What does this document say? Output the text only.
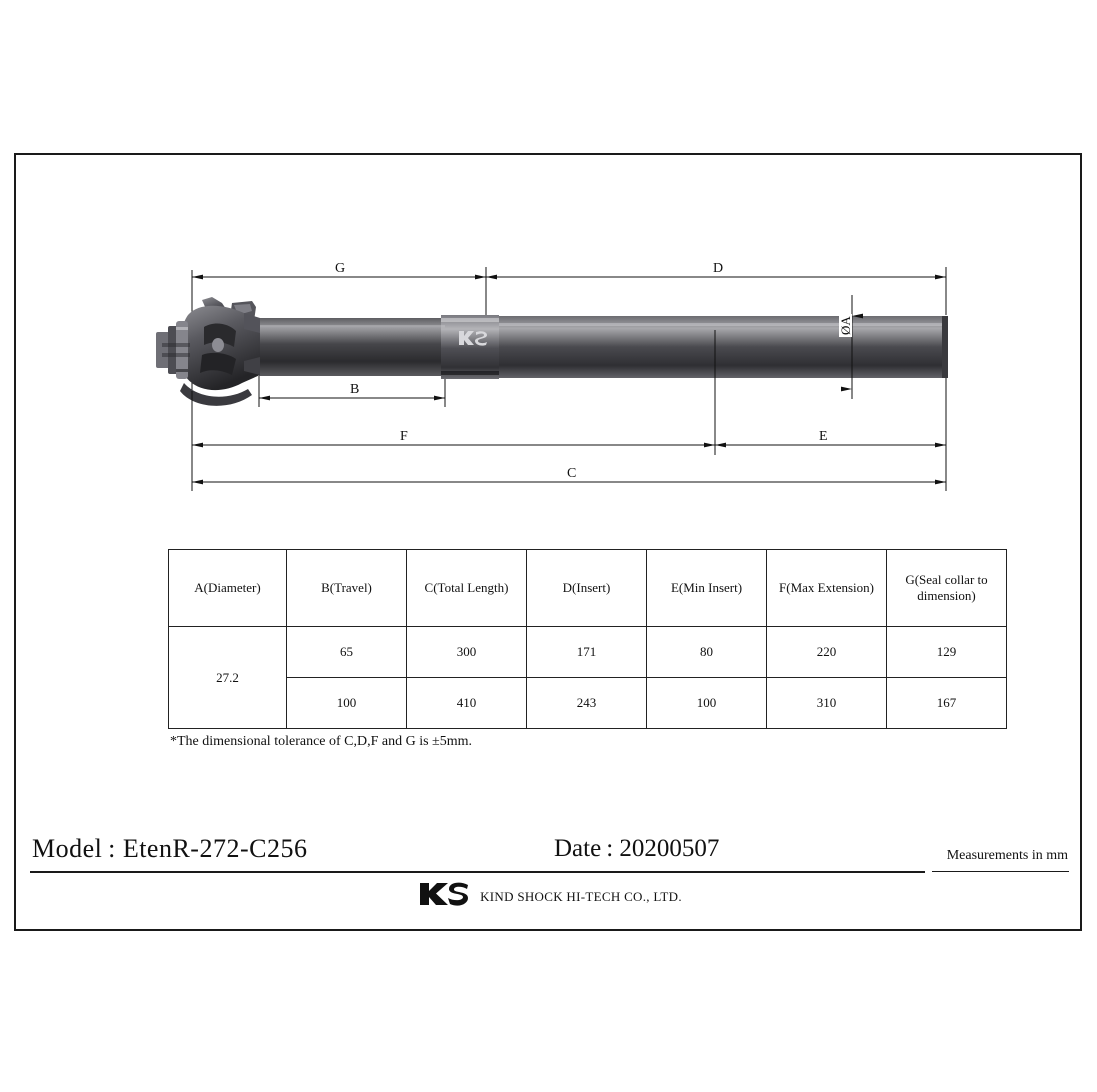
G	D
B
F	E
C
ØA
A(Diameter)	B(Travel)	C(Total Length)	D(Insert)	E(Min Insert)	F(Max Extension)	G(Seal collar to
dimension)
27.2	65	300	171	80	220	129
	100	410	243	100	310	167
*The dimensional tolerance of C,D,F and G is ±5mm.
Model : EtenR-272-C256	Date : 20200507	Measurements in mm
KIND SHOCK HI-TECH CO., LTD.
